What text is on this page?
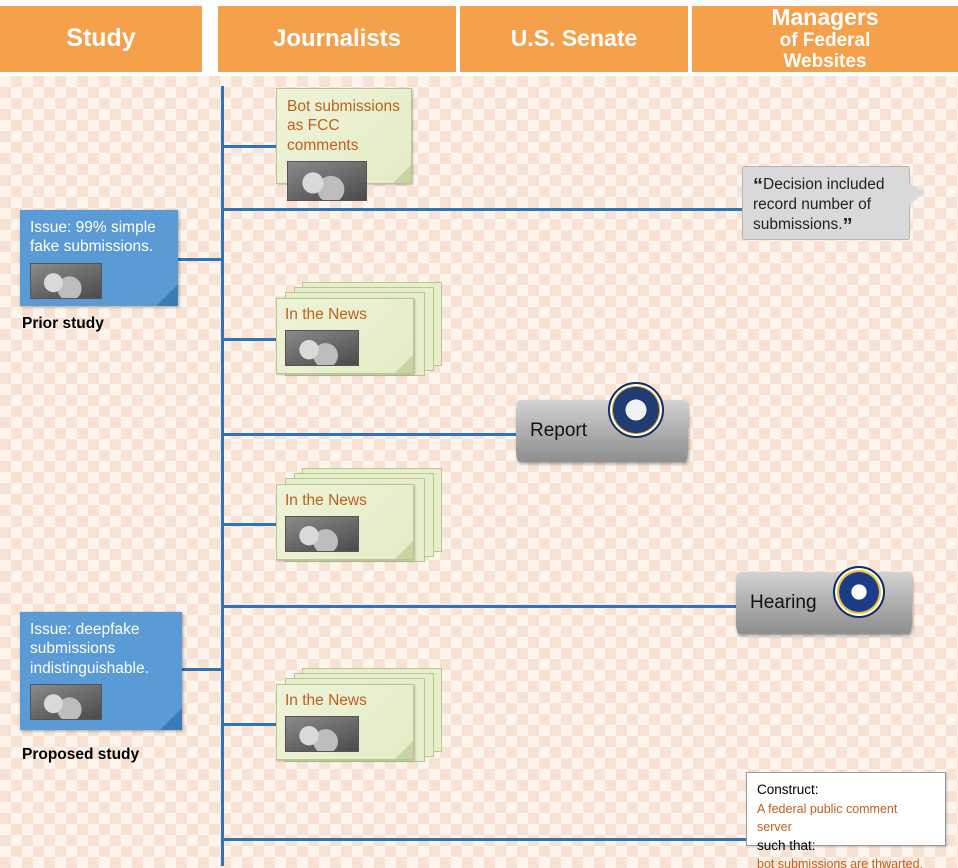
Study	Journalists	U.S. Senate
Managers
of Federal
Websites
Bot submissions
as FCC comments
“Decision included
record number of
submissions.”
Issue: 99% simple
fake submissions.
Prior study
In the News
Report
In the News
Hearing
Issue: deepfake
submissions
indistinguishable.
Proposed study
In the News
Construct:
A federal public comment server
such that:
bot submissions are thwarted.
